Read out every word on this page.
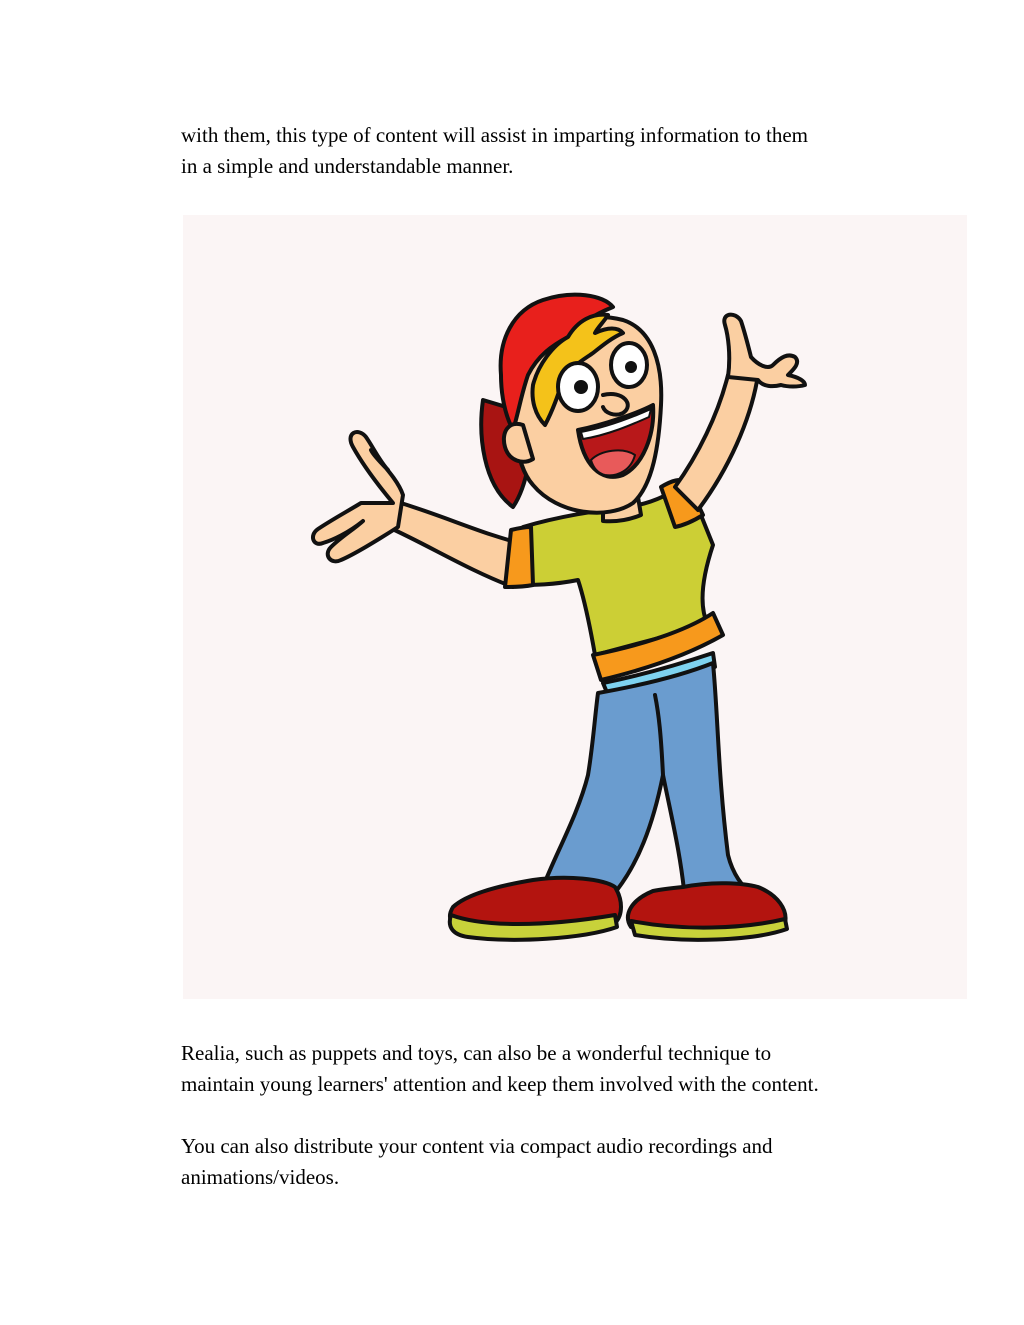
with them, this type of content will assist in imparting information to them
in a simple and understandable manner.

Realia, such as puppets and toys, can also be a wonderful technique to
maintain young learners' attention and keep them involved with the content.

You can also distribute your content via compact audio recordings and
animations/videos.
